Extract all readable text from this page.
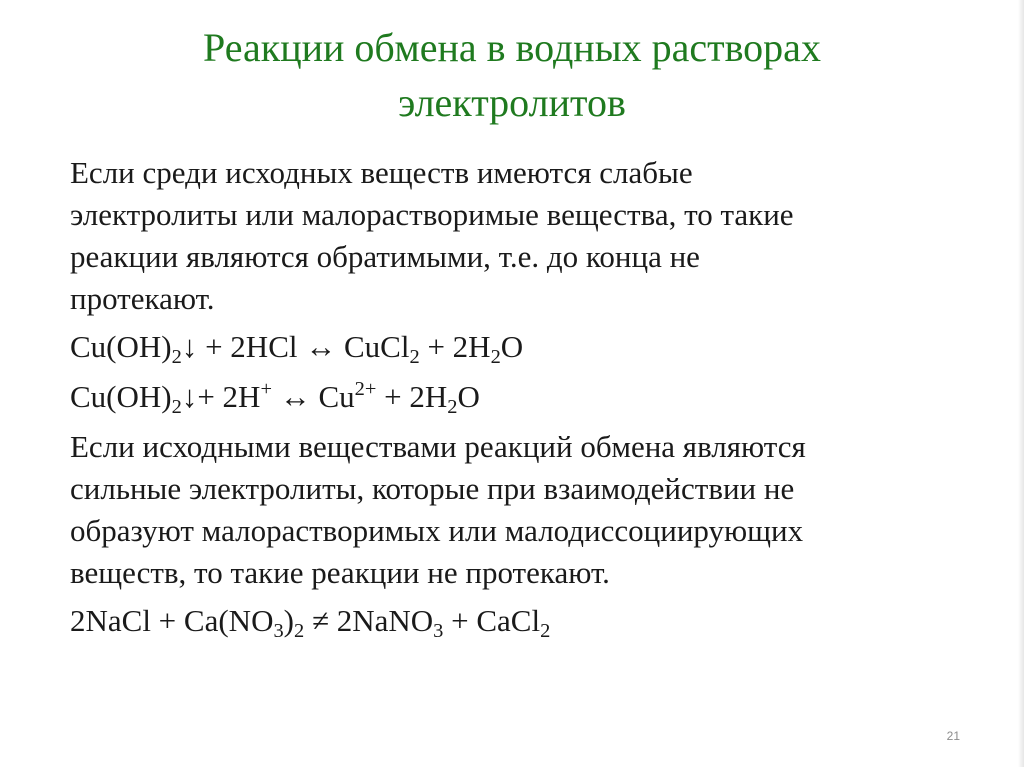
Реакции обмена в водных растворах
электролитов
Если среди исходных веществ имеются слабые
электролиты или малорастворимые вещества, то такие
реакции являются обратимыми, т.е. до конца не
протекают.
$Cu(OH)_2↓ + 2HCl$ ↔ CuCl$_2$ + $2H_2O$
$Cu(OH)_2↓+ 2H^+$ ↔ $Cu^{2+} + 2H_2O$
Если исходными веществами реакций обмена являются
сильные электролиты, которые при взаимодействии не
образуют малорастворимых или малодиссоциирующих
веществ, то такие реакции не протекают.
2NaCl + $Ca(NO_3)_2$ ≠ 2NaNO$_3$ + CaCl$_2$
21
